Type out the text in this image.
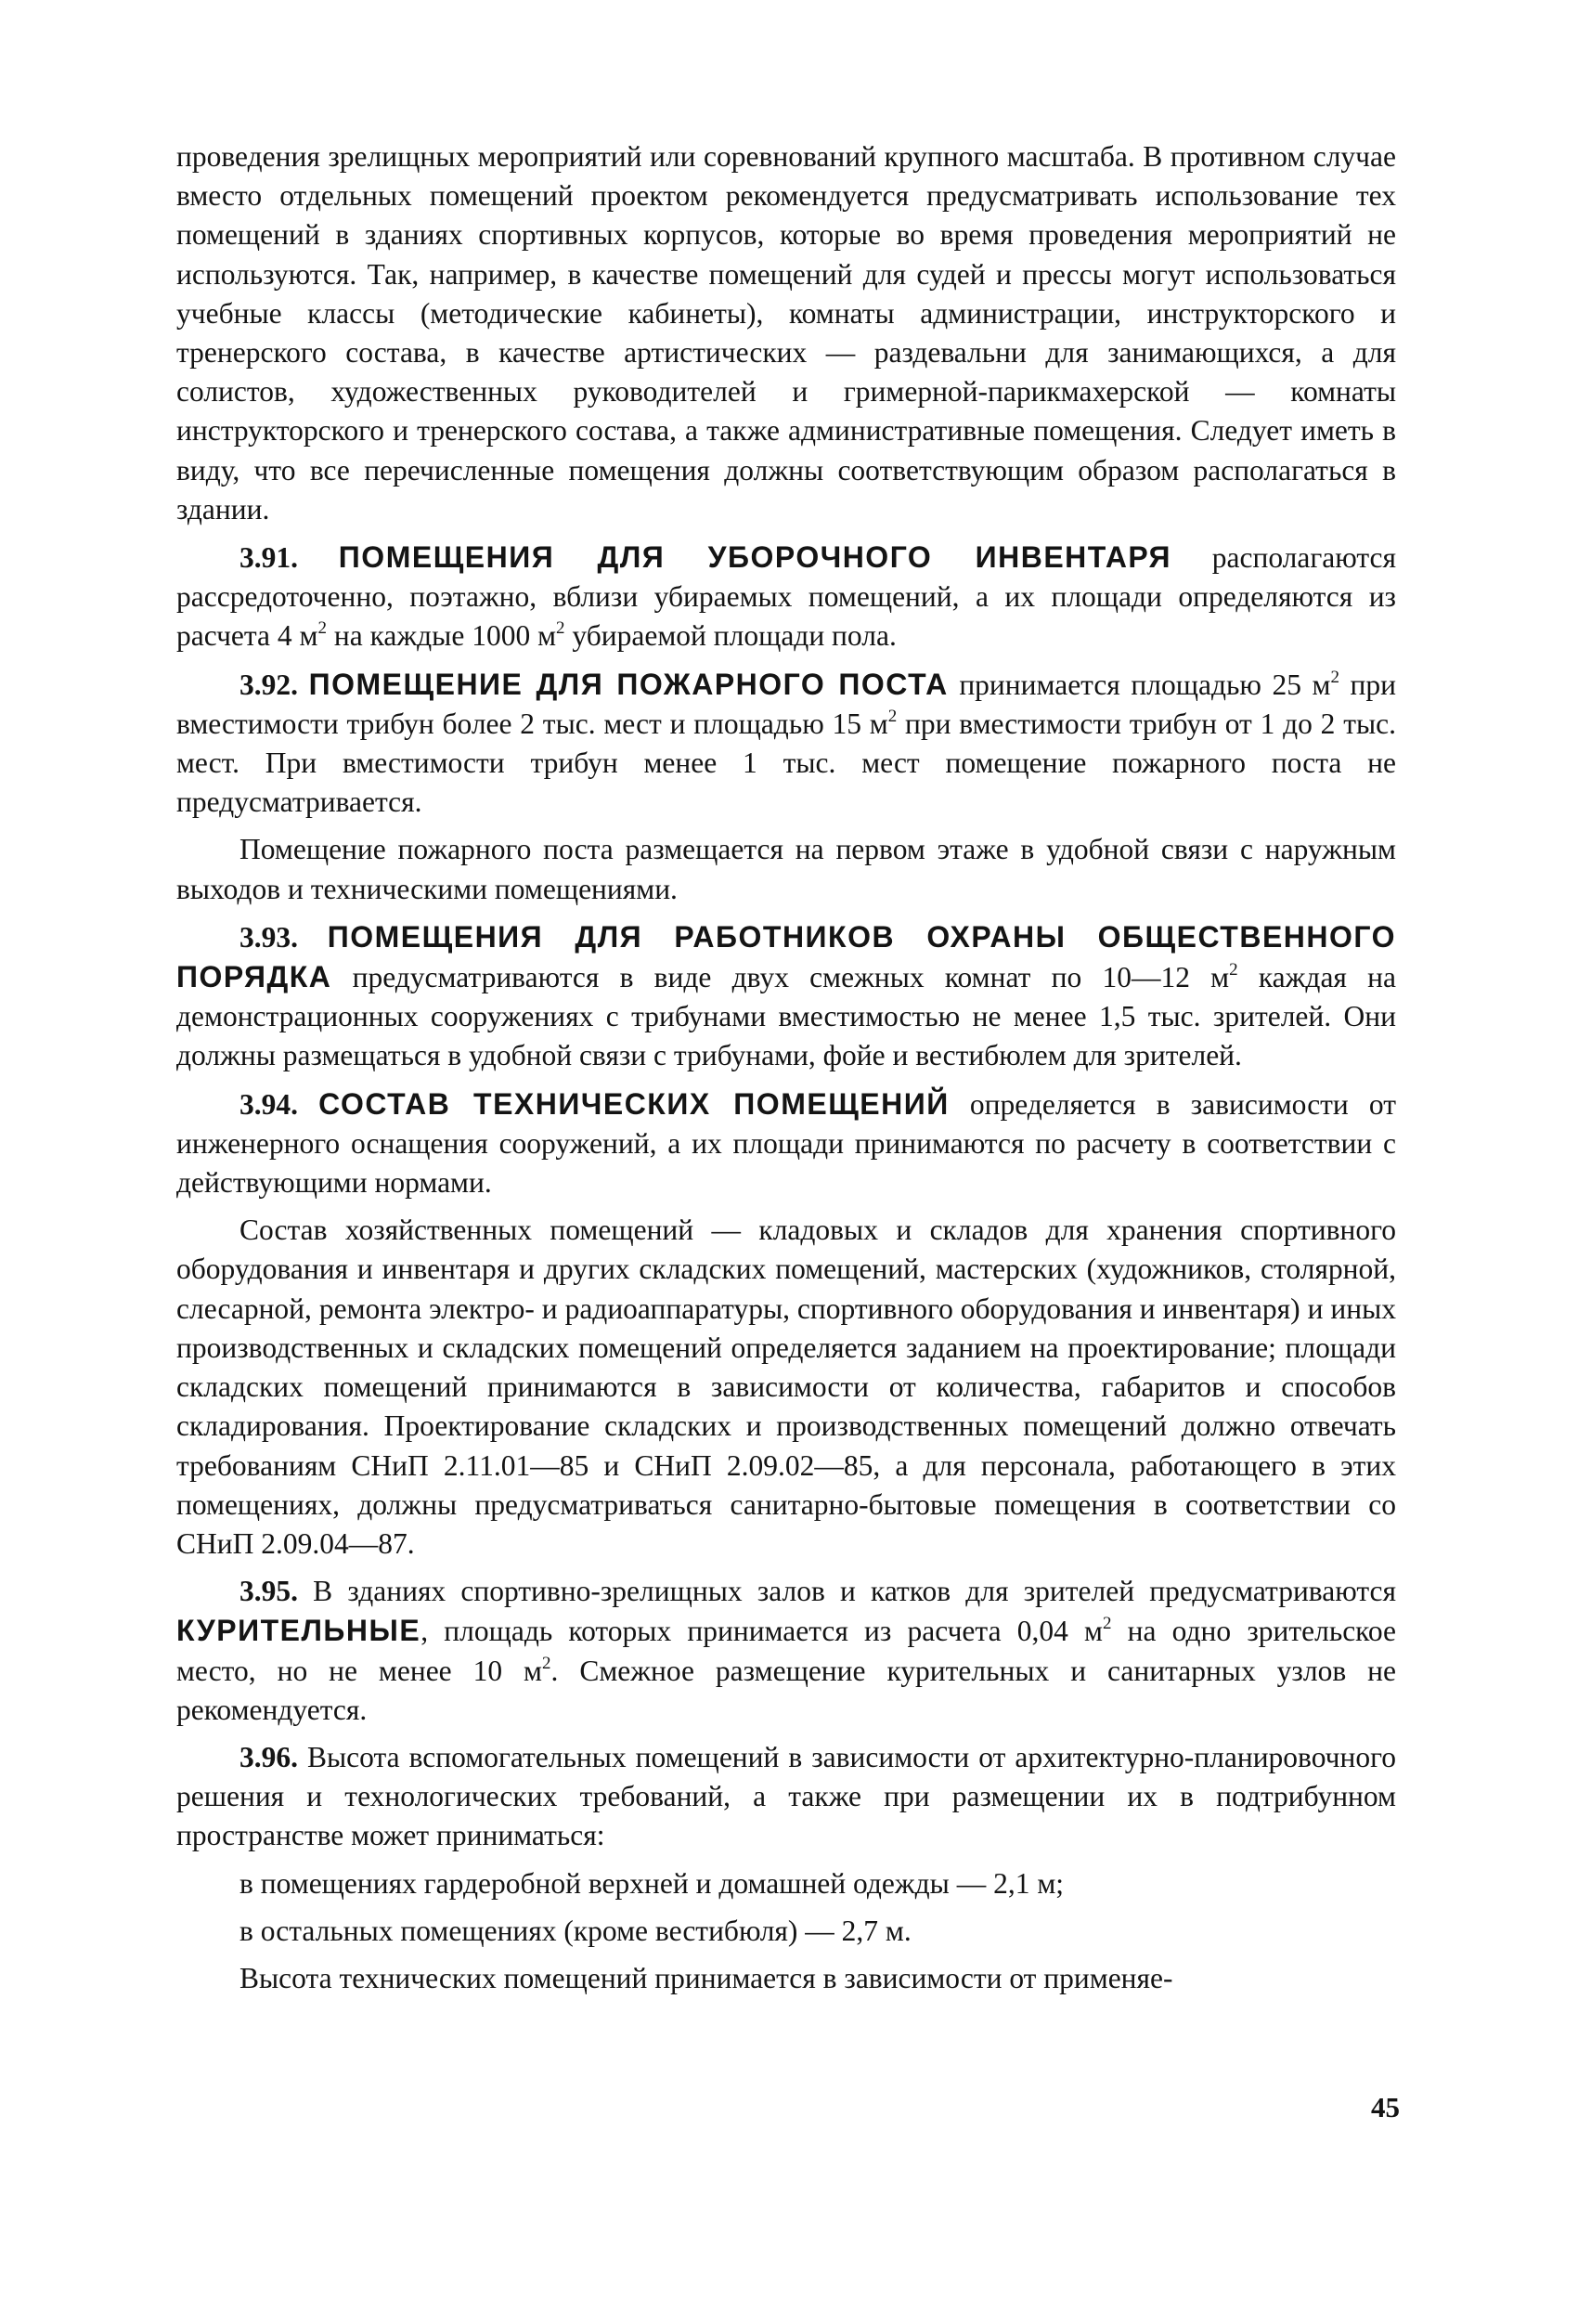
проведения зрелищных мероприятий или соревнований крупного масштаба. В противном случае вместо отдельных помещений проектом рекомендуется предусматривать использование тех помещений в зданиях спортивных корпусов, которые во время проведения мероприятий не используются. Так, например, в качестве помещений для судей и прессы могут использоваться учебные классы (методические кабинеты), комнаты администрации, инструкторского и тренерского состава, в качестве артистических — раздевальни для занимающихся, а для солистов, художественных руководителей и гримерной-парикмахерской — комнаты инструкторского и тренерского состава, а также административные помещения. Следует иметь в виду, что все перечисленные помещения должны соответствующим образом располагаться в здании.

3.91. ПОМЕЩЕНИЯ ДЛЯ УБОРОЧНОГО ИНВЕНТАРЯ располагаются рассредоточенно, поэтажно, вблизи убираемых помещений, а их площади определяются из расчета 4 $м^2$ на каждые 1000 $м^2$ убираемой площади пола.

3.92. ПОМЕЩЕНИЕ ДЛЯ ПОЖАРНОГО ПОСТА принимается площадью 25 $м^2$ при вместимости трибун более 2 тыс. мест и площадью 15 $м^2$ при вместимости трибун от 1 до 2 тыс. мест. При вместимости трибун менее 1 тыс. мест помещение пожарного поста не предусматривается.

Помещение пожарного поста размещается на первом этаже в удобной связи с наружным выходов и техническими помещениями.

3.93. ПОМЕЩЕНИЯ ДЛЯ РАБОТНИКОВ ОХРАНЫ ОБЩЕСТВЕННОГО ПОРЯДКА предусматриваются в виде двух смежных комнат по 10—12 $м^2$ каждая на демонстрационных сооружениях с трибунами вместимостью не менее 1,5 тыс. зрителей. Они должны размещаться в удобной связи с трибунами, фойе и вестибюлем для зрителей.

3.94. СОСТАВ ТЕХНИЧЕСКИХ ПОМЕЩЕНИЙ определяется в зависимости от инженерного оснащения сооружений, а их площади принимаются по расчету в соответствии с действующими нормами.

Состав хозяйственных помещений — кладовых и складов для хранения спортивного оборудования и инвентаря и других складских помещений, мастерских (художников, столярной, слесарной, ремонта электро- и радиоаппаратуры, спортивного оборудования и инвентаря) и иных производственных и складских помещений определяется заданием на проектирование; площади складских помещений принимаются в зависимости от количества, габаритов и способов складирования. Проектирование складских и производственных помещений должно отвечать требованиям СНиП 2.11.01—85 и СНиП 2.09.02—85, а для персонала, работающего в этих помещениях, должны предусматриваться санитарно-бытовые помещения в соответствии со СНиП 2.09.04—87.

3.95. В зданиях спортивно-зрелищных залов и катков для зрителей предусматриваются КУРИТЕЛЬНЫЕ, площадь которых принимается из расчета 0,04 $м^2$ на одно зрительское место, но не менее 10 $м^2$. Смежное размещение курительных и санитарных узлов не рекомендуется.

3.96. Высота вспомогательных помещений в зависимости от архитектурно-планировочного решения и технологических требований, а также при размещении их в подтрибунном пространстве может приниматься:

в помещениях гардеробной верхней и домашней одежды — 2,1 м;

в остальных помещениях (кроме вестибюля) — 2,7 м.

Высота технических помещений принимается в зависимости от применяе-

45
